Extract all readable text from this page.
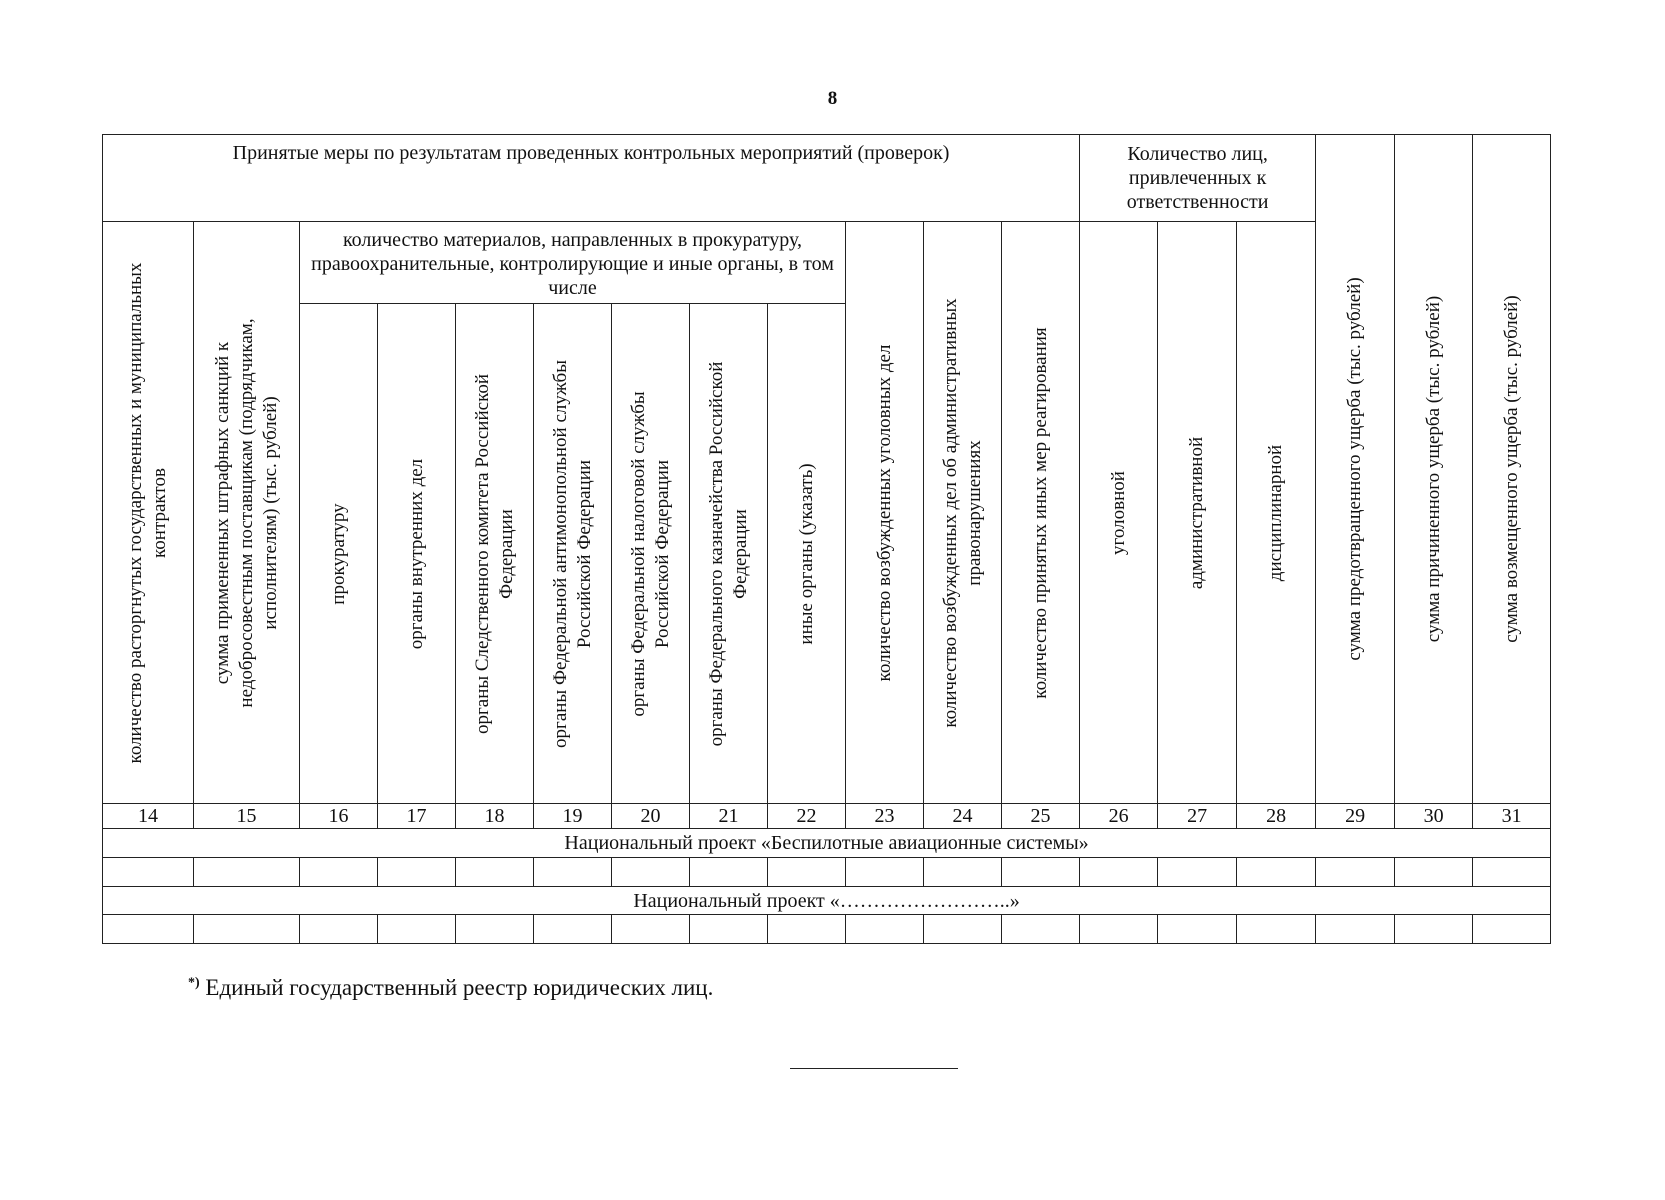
8
Принятые меры по результатам проведенных контрольных мероприятий (проверок)												Количество лиц, привлеченных к ответственности			сумма предотвращенного ущерба (тыс. рублей)	сумма причиненного ущерба (тыс. рублей)	сумма возмещенного ущерба (тыс. рублей)

количество расторгнутых государственных и муниципальных контрактов	сумма примененных штрафных санкций к недобросовестным поставщикам (подрядчикам, исполнителям) (тыс. рублей)	количество материалов, направленных в прокуратуру, правоохранительные, контролирующие и иные органы, в том числе							количество возбужденных уголовных дел	количество возбужденных дел об административных правонарушениях	количество принятых иных мер реагирования	уголовной	административной	дисциплинарной			

		прокуратуру	органы внутренних дел	органы Следственного комитета Российской Федерации	органы Федеральной антимонопольной службы Российской Федерации	органы Федеральной налоговой службы Российской Федерации	органы Федерального казначейства Российской Федерации	иные органы (указать)									

14	15	16	17	18	19	20	21	22	23	24	25	26	27	28	29	30	31
Национальный проект «Беспилотные авиационные системы»																	

Национальный проект «……………………..»																	

*) Единый государственный реестр юридических лиц.
